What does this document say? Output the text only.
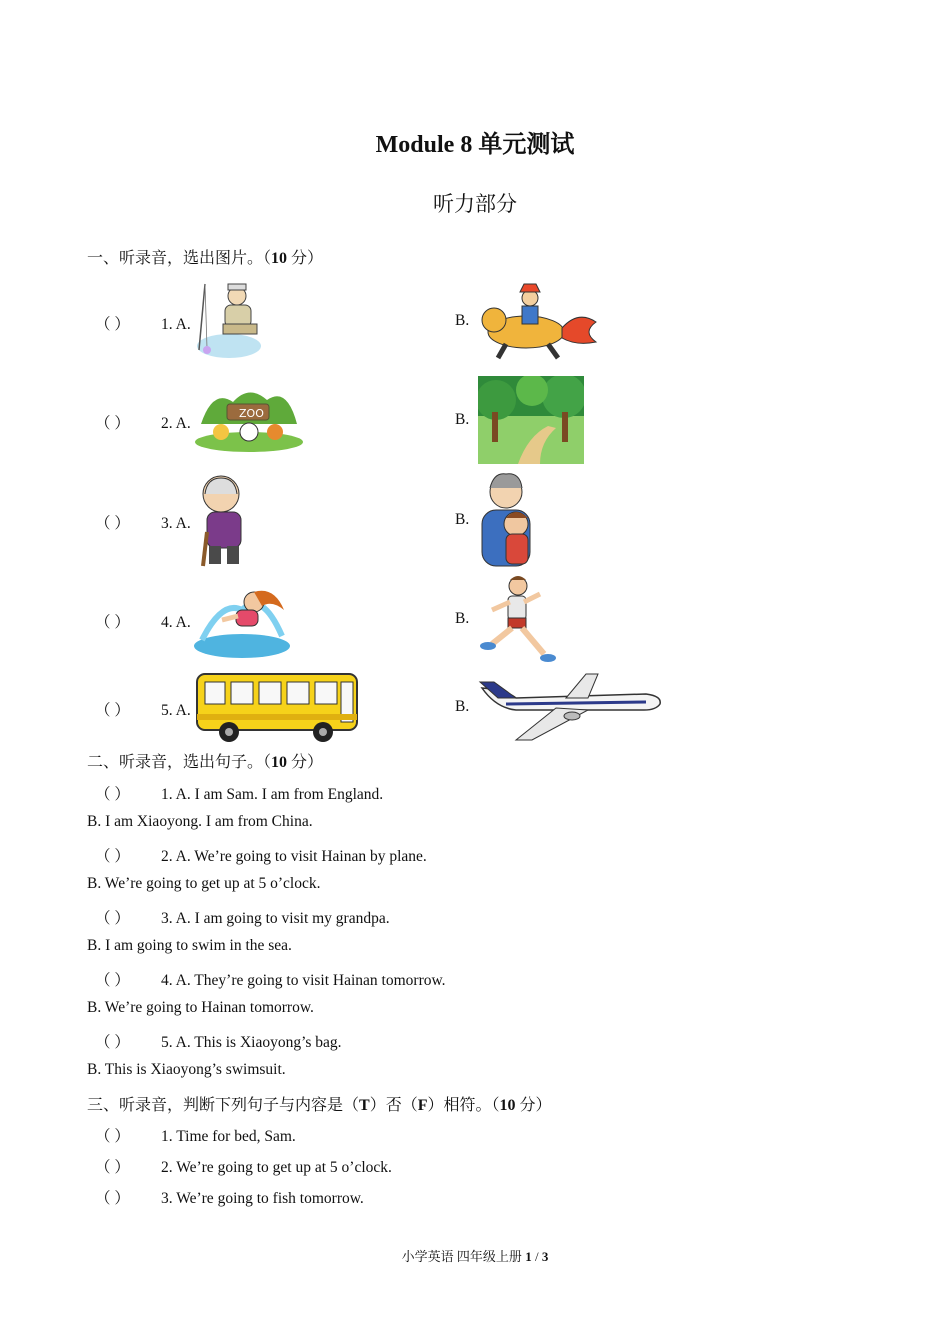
Module 8 单元测试
听力部分
一、听录音，选出图片。（10 分）
（ ） 1. A.	B.
（ ） 2. A.	B.
ZOO
（ ） 3. A.	B.
（ ） 4. A.	B.
（ ） 5. A.	B.
二、听录音，选出句子。（10 分）
（ ） 1. A. I am Sam. I am from England.
B. I am Xiaoyong. I am from China.
（ ） 2. A. We’re going to visit Hainan by plane.
B. We’re going to get up at 5 o’clock.
（ ） 3. A. I am going to visit my grandpa.
B. I am going to swim in the sea.
（ ） 4. A. They’re going to visit Hainan tomorrow.
B. We’re going to Hainan tomorrow.
（ ） 5. A. This is Xiaoyong’s bag.
B. This is Xiaoyong’s swimsuit.
三、听录音，判断下列句子与内容是（T）否（F）相符。（10 分）
（ ） 1. Time for bed, Sam.
（ ） 2. We’re going to get up at 5 o’clock.
（ ） 3. We’re going to fish tomorrow.
小学英语 四年级上册 1 / 3
